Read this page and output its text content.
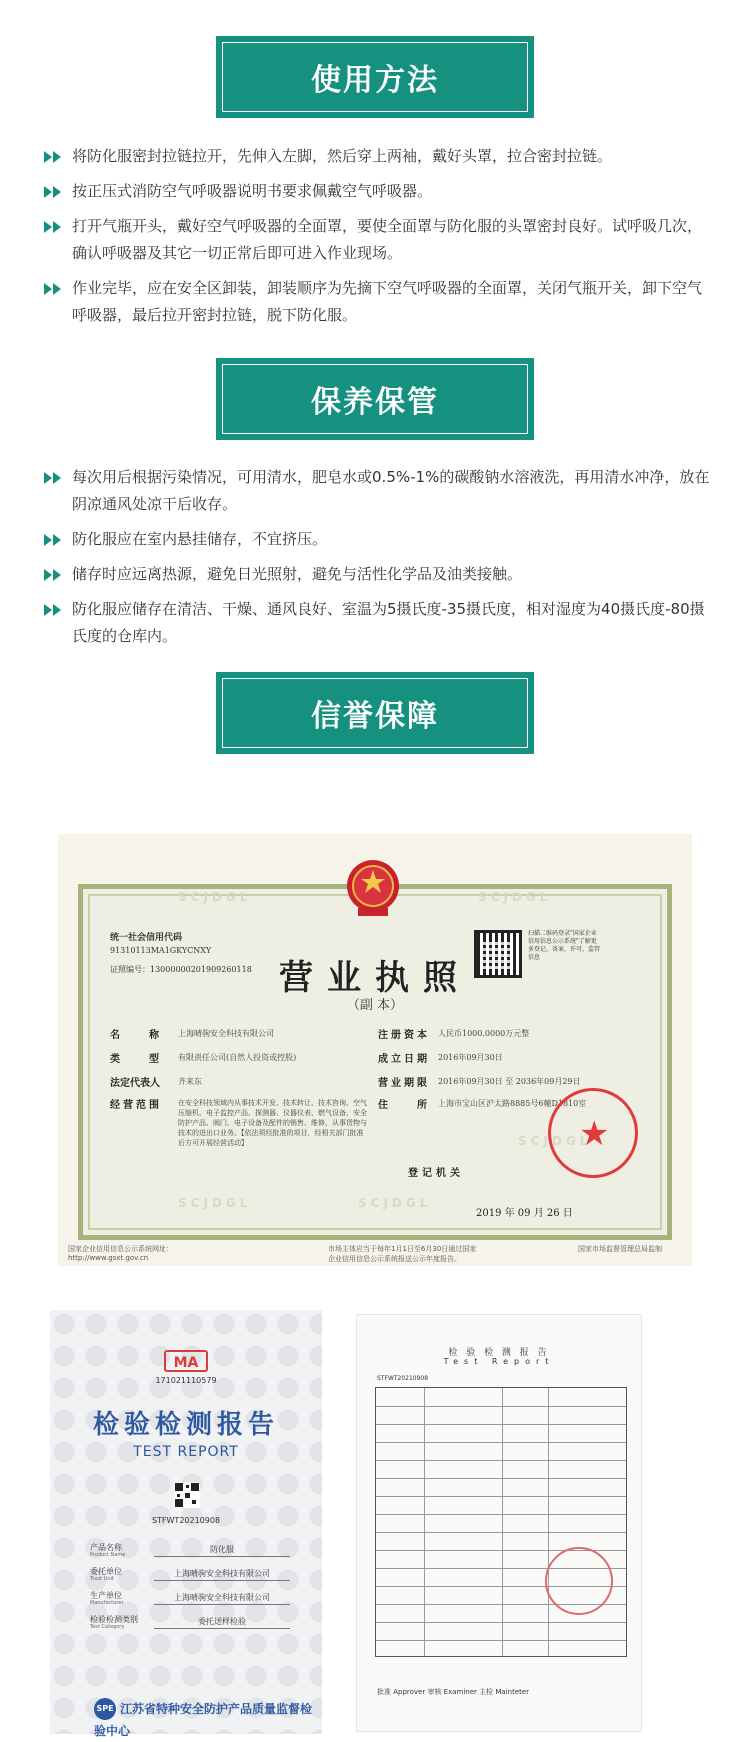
使用方法
将防化服密封拉链拉开，先伸入左脚，然后穿上两袖，戴好头罩，拉合密封拉链。
按正压式消防空气呼吸器说明书要求佩戴空气呼吸器。
打开气瓶开头，戴好空气呼吸器的全面罩，要使全面罩与防化服的头罩密封良好。试呼吸几次，确认呼吸器及其它一切正常后即可进入作业现场。
作业完毕，应在安全区卸装，卸装顺序为先摘下空气呼吸器的全面罩，关闭气瓶开关，卸下空气呼吸器，最后拉开密封拉链，脱下防化服。
保养保管
每次用后根据污染情况，可用清水，肥皂水或0.5%-1%的碳酸钠水溶液洗，再用清水冲净，放在阴凉通风处凉干后收存。
防化服应在室内悬挂储存，不宜挤压。
储存时应远离热源，避免日光照射，避免与活性化学品及油类接触。
防化服应储存在清洁、干燥、通风良好、室温为5摄氏度-35摄氏度，相对湿度为40摄氏度-80摄氏度的仓库内。
信誉保障
SCJDGL	SCJDGL
SCJDGL	SCJDGL
SCJDGL
统一社会信用代码
91310113MA1GKYCNXY
证照编号：13000000201909260118 营业执照
（副 本）
扫描二维码登录"国家企业信用信息公示系统"了解更多登记、备案、许可、监管信息
名　　称 上海晴驹安全科技有限公司
类　　型 有限责任公司(自然人投资或控股)
法定代表人 齐来东
经营范围 在安全科技领域内从事技术开发、技术转让、技术咨询、空气压缩机、电子监控产品、探测器、仪器仪表、燃气设备、安全防护产品、阀门、电子设备及配件的销售、维修，从事货物与技术的进出口业务。【依法须经批准的项目，经相关部门批准后方可开展经营活动】
注册资本 人民币1000.0000万元整
成立日期 2016年09月30日
营业期限 2016年09月30日 至 2036年09月29日
住　　所 上海市宝山区沪太路8885号6幢D1810室
★
登记机关
2019 年 09 月 26 日
国家企业信用信息公示系统网址：http://www.gsxt.gov.cn
市场主体应当于每年1月1日至6月30日通过国家企业信用信息公示系统报送公示年度报告。
国家市场监督管理总局监制
MA
171021110579
检验检测报告
TEST REPORT
STFWT20210908
产品名称
Product Name
防化服
委托单位
Trust Unit
上海晴驹安全科技有限公司
生产单位
Manufacturer
上海晴驹安全科技有限公司
检验检测类别
Test Category
委托送样检验
SPE 江苏省特种安全防护产品质量监督检验中心
检 验 检 测 报 告
Test Report
STFWT20210908
批准 Approver 审核 Examiner 主检 Mainteter
